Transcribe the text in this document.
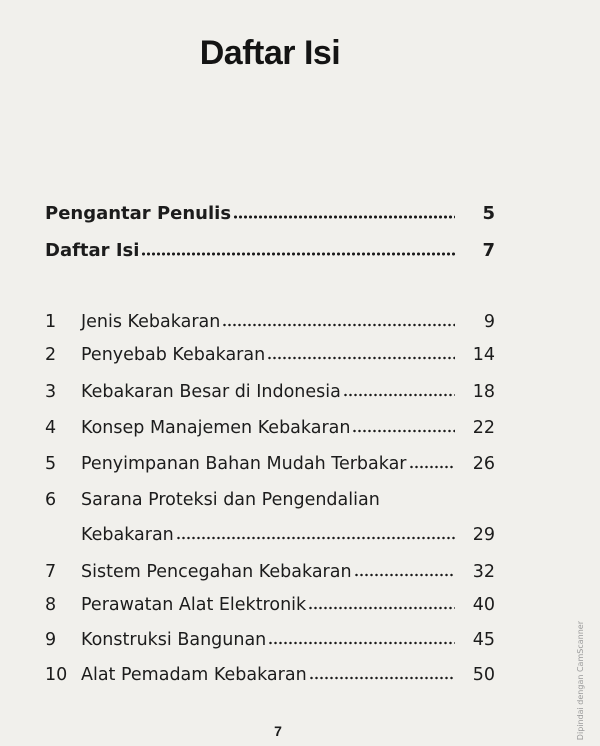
Daftar Isi
Pengantar Penulis	5
Daftar Isi	7
1	Jenis Kebakaran	9
2	Penyebab Kebakaran	14
3	Kebakaran Besar di Indonesia	18
4	Konsep Manajemen Kebakaran	22
5	Penyimpanan Bahan Mudah Terbakar	26
6	Sarana Proteksi dan Pengendalian
Kebakaran	29
7	Sistem Pencegahan Kebakaran	32
8	Perawatan Alat Elektronik	40
9	Konstruksi Bangunan	45
10 Alat Pemadam Kebakaran	50
7	Dipindai dengan CamScanner
